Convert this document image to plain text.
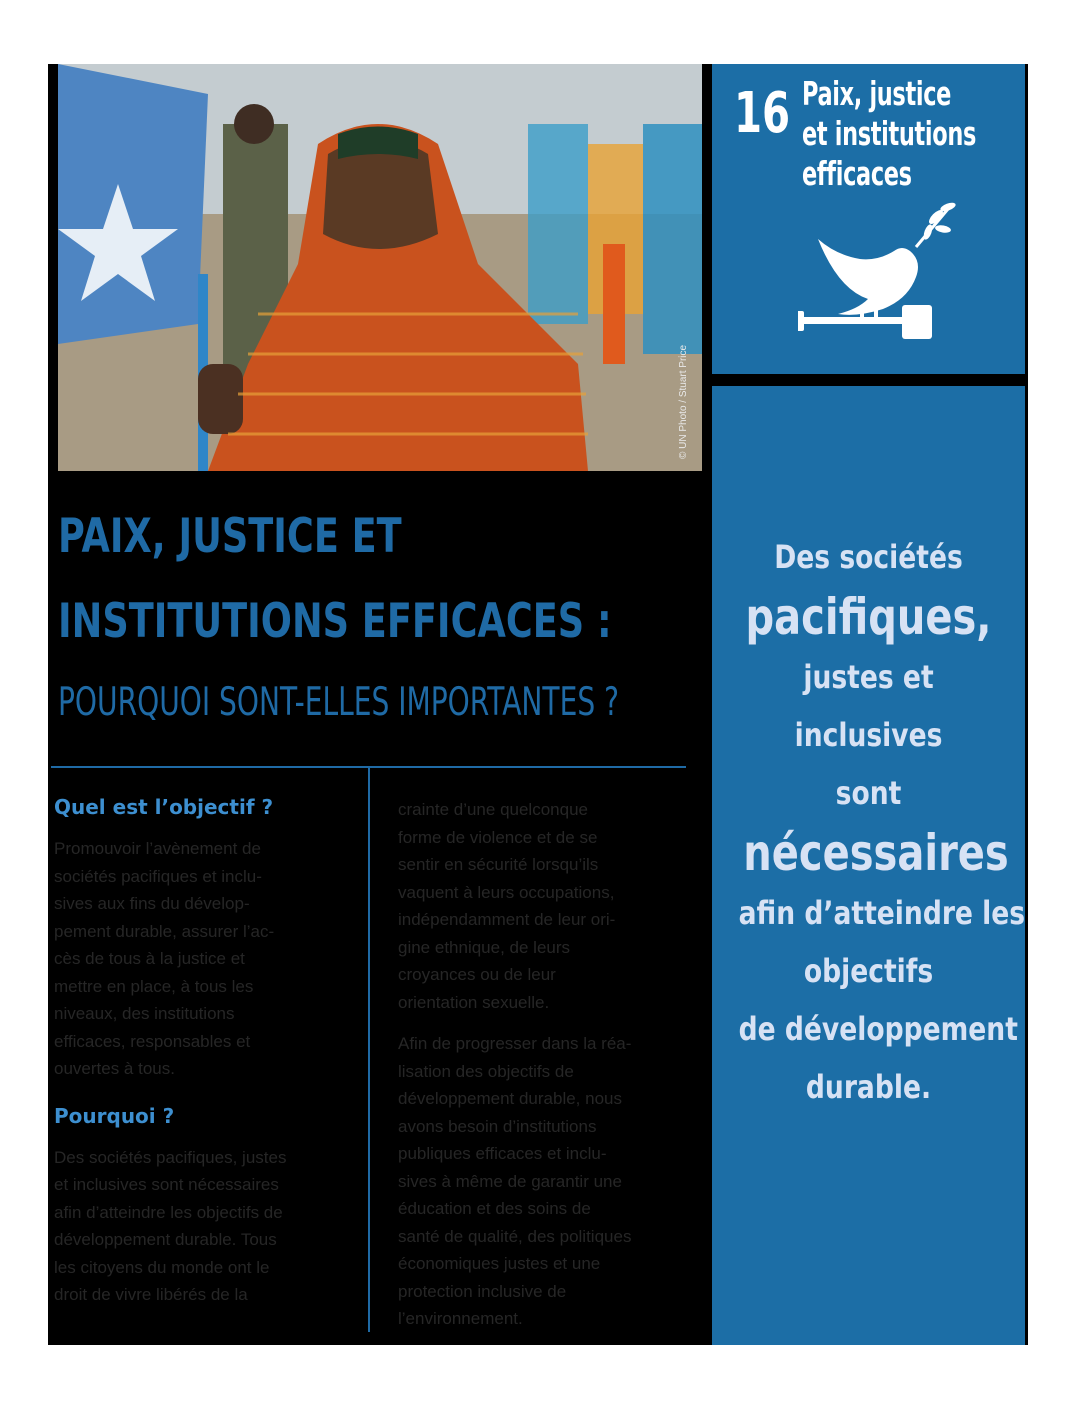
© UN Photo / Stuart Price
PAIX, JUSTICE ET
INSTITUTIONS EFFICACES :
POURQUOI SONT-ELLES IMPORTANTES ?
Quel est l’objectif ?

Promouvoir l’avènement de
sociétés pacifiques et inclu-
sives aux fins du dévelop-
pement durable, assurer l’ac-
cès de tous à la justice et
mettre en place, à tous les
niveaux, des institutions
efficaces, responsables et
ouvertes à tous.

Pourquoi ?

Des sociétés pacifiques, justes
et inclusives sont nécessaires
afin d’atteindre les objectifs de
développement durable. Tous
les citoyens du monde ont le
droit de vivre libérés de la

crainte d’une quelconque
forme de violence et de se
sentir en sécurité lorsqu’ils
vaquent à leurs occupations,
indépendamment de leur ori-
gine ethnique, de leurs
croyances ou de leur
orientation sexuelle.

Afin de progresser dans la réa-
lisation des objectifs de
développement durable, nous
avons besoin d’institutions
publiques efficaces et inclu-
sives à même de garantir une
éducation et des soins de
santé de qualité, des politiques
économiques justes et une
protection inclusive de
l’environnement.

16 Paix, justice
et institutions
efficaces
Des sociétés
pacifiques,
justes et
inclusives
sont
nécessaires
afin d’atteindre les
objectifs
de développement
durable.
